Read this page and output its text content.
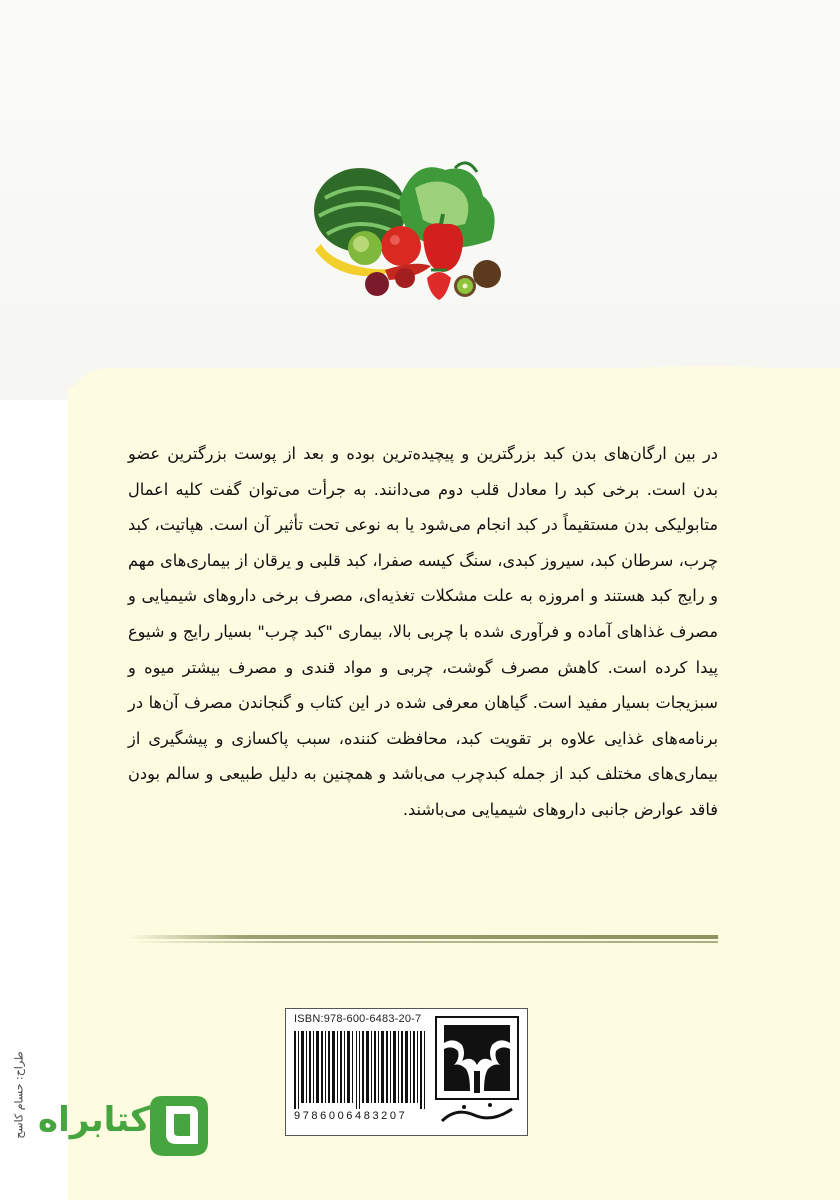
در بین ارگان‌های بدن کبد بزرگترین و پیچیده‌ترین بوده و بعد از پوست بزرگترین عضو بدن است. برخی کبد را معادل قلب دوم می‌دانند. به جرأت می‌توان گفت کلیه اعمال متابولیکی بدن مستقیماً در کبد انجام می‌شود یا به نوعی تحت تأثیر آن است. هپاتیت، کبد چرب، سرطان کبد، سیروز کبدی، سنگ کیسه صفرا، کبد قلبی و یرقان از بیماری‌های مهم و رایج کبد هستند و امروزه به علت مشکلات تغذیه‌ای، مصرف برخی داروهای شیمیایی و مصرف غذاهای آماده و فرآوری شده با چربی بالا، بیماری "کبد چرب" بسیار رایج و شیوع پیدا کرده است. کاهش مصرف گوشت، چربی و مواد قندی و مصرف بیشتر میوه و سبزیجات بسیار مفید است. گیاهان معرفی شده در این کتاب و گنجاندن مصرف آن‌ها در برنامه‌های غذایی علاوه بر تقویت کبد، محافظت کننده، سبب پاکسازی و پیشگیری از بیماری‌های مختلف کبد از جمله کبدچرب می‌باشد و همچنین به دلیل طبیعی و سالم بودن فاقد عوارض جانبی داروهای شیمیایی می‌باشند.

طراح: حسام کاسح
ISBN:978-600-6483-20-7
9786006483207
کتابراه
